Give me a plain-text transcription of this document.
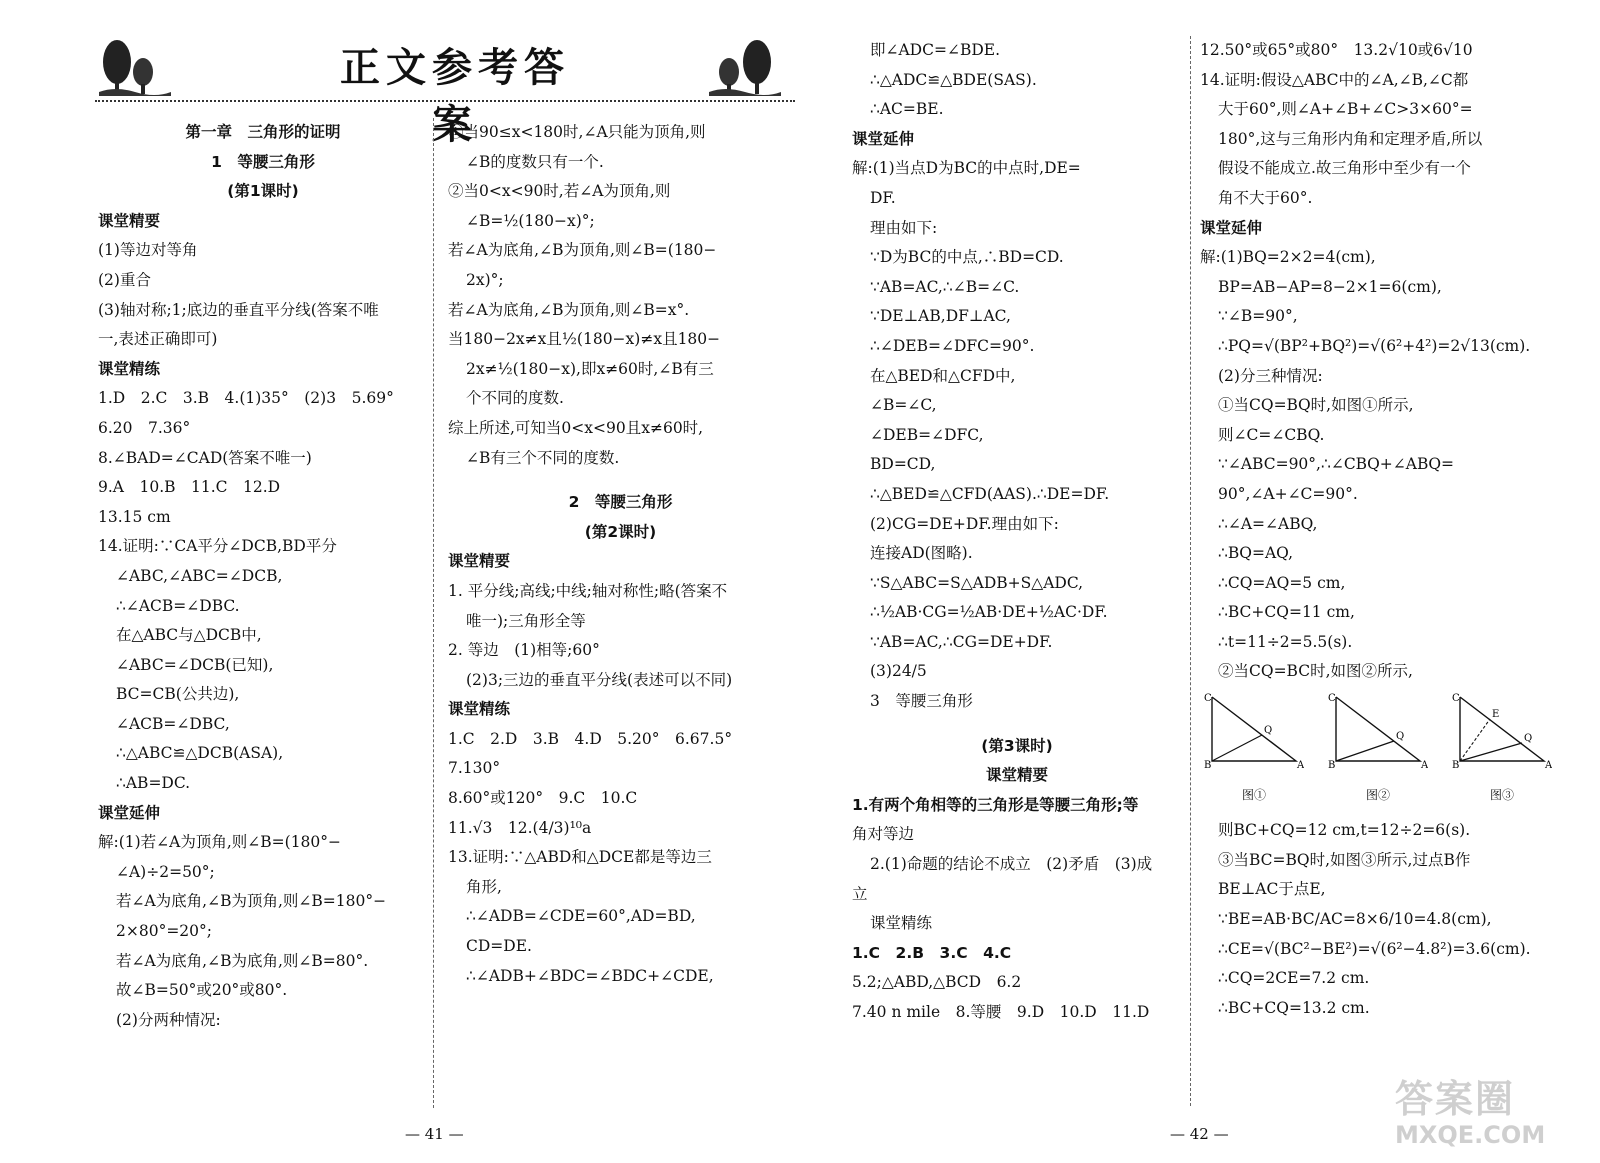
正文参考答案
第一章　三角形的证明
1　等腰三角形
(第1课时)
课堂精要
(1)等边对等角
(2)重合
(3)轴对称;1;底边的垂直平分线(答案不唯
一,表述正确即可)
课堂精练
1.D　2.C　3.B　4.(1)35°　(2)3　5.69°
6.20　7.36°
8.∠BAD=∠CAD(答案不唯一)
9.A　10.B　11.C　12.D
13.15 cm
14.证明:∵CA平分∠DCB,BD平分
∠ABC,∠ABC=∠DCB,
∴∠ACB=∠DBC.
在△ABC与△DCB中,
∠ABC=∠DCB(已知),
BC=CB(公共边),
∠ACB=∠DBC,
∴△ABC≌△DCB(ASA),
∴AB=DC.
课堂延伸
解:(1)若∠A为顶角,则∠B=(180°−
∠A)÷2=50°;
若∠A为底角,∠B为顶角,则∠B=180°−
2×80°=20°;
若∠A为底角,∠B为底角,则∠B=80°.
故∠B=50°或20°或80°.
(2)分两种情况:
①当90≤x<180时,∠A只能为顶角,则
∠B的度数只有一个.
②当0<x<90时,若∠A为顶角,则
∠B=½(180−x)°;
若∠A为底角,∠B为顶角,则∠B=(180−
2x)°;
若∠A为底角,∠B为顶角,则∠B=x°.
当180−2x≠x且½(180−x)≠x且180−
2x≠½(180−x),即x≠60时,∠B有三
个不同的度数.
综上所述,可知当0<x<90且x≠60时,
∠B有三个不同的度数.
2　等腰三角形
(第2课时)
课堂精要
1. 平分线;高线;中线;轴对称性;略(答案不
唯一);三角形全等
2. 等边　(1)相等;60°
(2)3;三边的垂直平分线(表述可以不同)
课堂精练
1.C　2.D　3.B　4.D　5.20°　6.67.5°
7.130°
8.60°或120°　9.C　10.C
11.√3　12.(4/3)¹⁰a
13.证明:∵△ABD和△DCE都是等边三
角形,
∴∠ADB=∠CDE=60°,AD=BD,
CD=DE.
∴∠ADB+∠BDC=∠BDC+∠CDE,
— 41 —
即∠ADC=∠BDE.
∴△ADC≌△BDE(SAS).
∴AC=BE.
课堂延伸
解:(1)当点D为BC的中点时,DE=
DF.
理由如下:
∵D为BC的中点,∴BD=CD.
∵AB=AC,∴∠B=∠C.
∵DE⊥AB,DF⊥AC,
∴∠DEB=∠DFC=90°.
在△BED和△CFD中,
∠B=∠C,
∠DEB=∠DFC,
BD=CD,
∴△BED≌△CFD(AAS).∴DE=DF.
(2)CG=DE+DF.理由如下:
连接AD(图略).
∵S△ABC=S△ADB+S△ADC,
∴½AB·CG=½AB·DE+½AC·DF.
∵AB=AC,∴CG=DE+DF.
(3)24/5
3　等腰三角形
(第3课时)
课堂精要
1.有两个角相等的三角形是等腰三角形;等
角对等边
2.(1)命题的结论不成立　(2)矛盾　(3)成
立
课堂精练
1.C　2.B　3.C　4.C
5.2;△ABD,△BCD　6.2
7.40 n mile　8.等腰　9.D　10.D　11.D
— 42 —
12.50°或65°或80°　13.2√10或6√10
14.证明:假设△ABC中的∠A,∠B,∠C都
大于60°,则∠A+∠B+∠C>3×60°=
180°,这与三角形内角和定理矛盾,所以
假设不能成立.故三角形中至少有一个
角不大于60°.
课堂延伸
解:(1)BQ=2×2=4(cm),
BP=AB−AP=8−2×1=6(cm),
∵∠B=90°,
∴PQ=√(BP²+BQ²)=√(6²+4²)=2√13(cm).
(2)分三种情况:
①当CQ=BQ时,如图①所示,
则∠C=∠CBQ.
∵∠ABC=90°,∴∠CBQ+∠ABQ=
90°,∠A+∠C=90°.
∴∠A=∠ABQ,
∴BQ=AQ,
∴CQ=AQ=5 cm,
∴BC+CQ=11 cm,
∴t=11÷2=5.5(s).
②当CQ=BC时,如图②所示,
C
B	A
Q
图①
C
B	A
Q
图②
C
B	A
Q
E
图③
则BC+CQ=12 cm,t=12÷2=6(s).
③当BC=BQ时,如图③所示,过点B作
BE⊥AC于点E,
∵BE=AB·BC/AC=8×6/10=4.8(cm),
∴CE=√(BC²−BE²)=√(6²−4.8²)=3.6(cm).
∴CQ=2CE=7.2 cm.
∴BC+CQ=13.2 cm.
答案圈
MXQE.COM
